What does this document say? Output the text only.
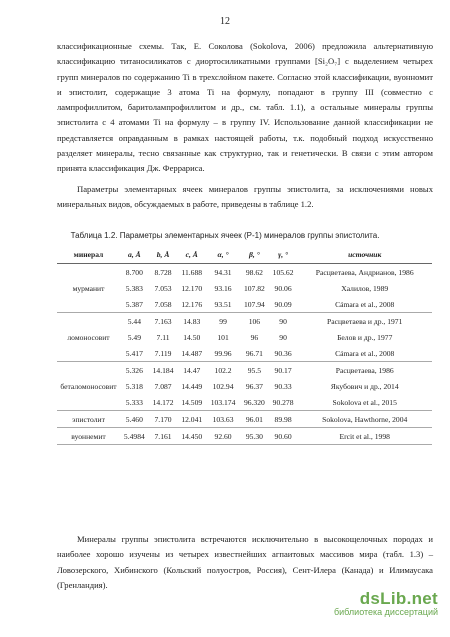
12

классификационные схемы. Так, Е. Соколова (Sokolova, 2006) предложила альтернативную классификацию титаносиликатов с диортосиликатными группами [Si₂O₇] с выделением четырех групп минералов по содержанию Ti в трехслойном пакете. Согласно этой классификации, вуонномит и эпистолит, содержащие 3 атома Ti на формулу, попадают в группу III (совместно с лампрофиллитом, баритолампрофиллитом и др., см. табл. 1.1), а остальные минералы группы эпистолита с 4 атомами Ti на формулу – в группу IV. Использование данной классификации не представляется оправданным в рамках настоящей работы, т.к. подобный подход искусственно разделяет минералы, тесно связанные как структурно, так и генетически. В связи с этим автором принята классификация Дж. Феррариса.

Параметры элементарных ячеек минералов группы эпистолита, за исключениями новых минеральных видов, обсуждаемых в работе, приведены в таблице 1.2.

Таблица 1.2. Параметры элементарных ячеек (P-1) минералов группы эпистолита.
минерал	a, Å	b, Å	c, Å	α, °	β, °	γ, °	источник
мурманит	8.700	8.728	11.688	94.31	98.62	105.62	Расцветаева, Андрианов, 1986
	5.383	7.053	12.170	93.16	107.82	90.06	Халилов, 1989
	5.387	7.058	12.176	93.51	107.94	90.09	Cámara et al., 2008
ломоносовит	5.44	7.163	14.83	99	106	90	Расцветаева и др., 1971
	5.49	7.11	14.50	101	96	90	Белов и др., 1977
	5.417	7.119	14.487	99.96	96.71	90.36	Cámara et al., 2008
беталомоносовит	5.326	14.184	14.47	102.2	95.5	90.17	Расцветаева, 1986
	5.318	7.087	14.449	102.94	96.37	90.33	Якубович и др., 2014
	5.333	14.172	14.509	103.174	96.320	90.278	Sokolova et al., 2015
эпистолит	5.460	7.170	12.041	103.63	96.01	89.98	Sokolova, Hawthorne, 2004
вуоннемит	5.4984	7.161	14.450	92.60	95.30	90.60	Ercit et al., 1998

Минералы группы эпистолита встречаются исключительно в высокощелочных породах и наиболее хорошо изучены из четырех известнейших агпаитовых массивов мира (табл. 1.3) – Ловозерского, Хибинского (Кольский полуостров, Россия), Сент-Илера (Канада) и Илимаусака (Гренландия).

dsLib.net
библиотека диссертаций
